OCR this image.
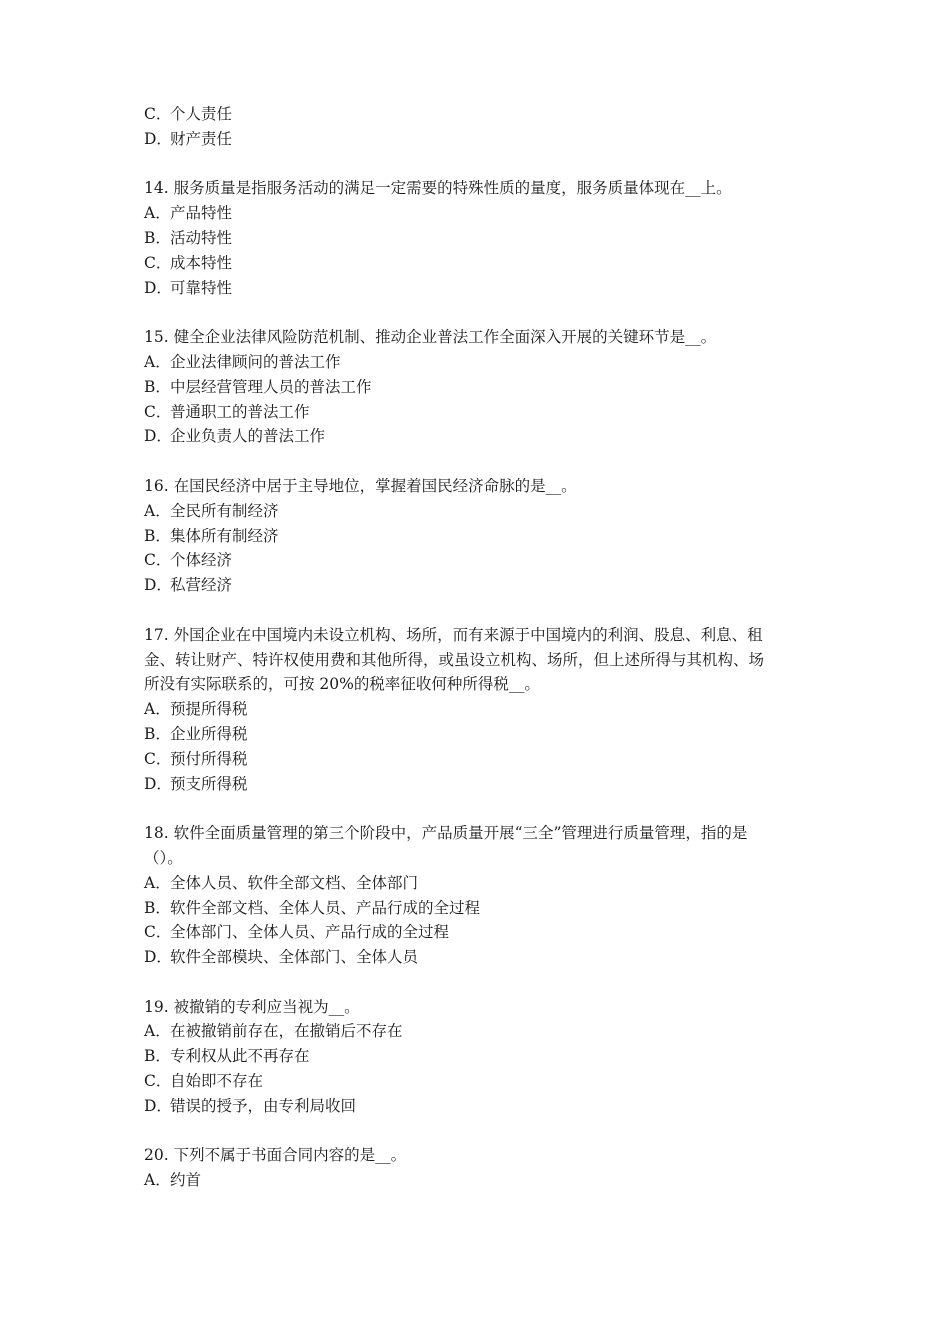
C．个人责任
D．财产责任
14. 服务质量是指服务活动的满足一定需要的特殊性质的量度，服务质量体现在__上。
A．产品特性
B．活动特性
C．成本特性
D．可靠特性
15. 健全企业法律风险防范机制、推动企业普法工作全面深入开展的关键环节是__。
A．企业法律顾问的普法工作
B．中层经营管理人员的普法工作
C．普通职工的普法工作
D．企业负责人的普法工作
16. 在国民经济中居于主导地位，掌握着国民经济命脉的是__。
A．全民所有制经济
B．集体所有制经济
C．个体经济
D．私营经济
17. 外国企业在中国境内未设立机构、场所，而有来源于中国境内的利润、股息、利息、租
金、转让财产、特许权使用费和其他所得，或虽设立机构、场所，但上述所得与其机构、场
所没有实际联系的，可按 20%的税率征收何种所得税__。
A．预提所得税
B．企业所得税
C．预付所得税
D．预支所得税
18. 软件全面质量管理的第三个阶段中，产品质量开展“三全”管理进行质量管理，指的是
（）。
A．全体人员、软件全部文档、全体部门
B．软件全部文档、全体人员、产品行成的全过程
C．全体部门、全体人员、产品行成的全过程
D．软件全部模块、全体部门、全体人员
19. 被撤销的专利应当视为__。
A．在被撤销前存在，在撤销后不存在
B．专利权从此不再存在
C．自始即不存在
D．错误的授予，由专利局收回
20. 下列不属于书面合同内容的是__。
A．约首
